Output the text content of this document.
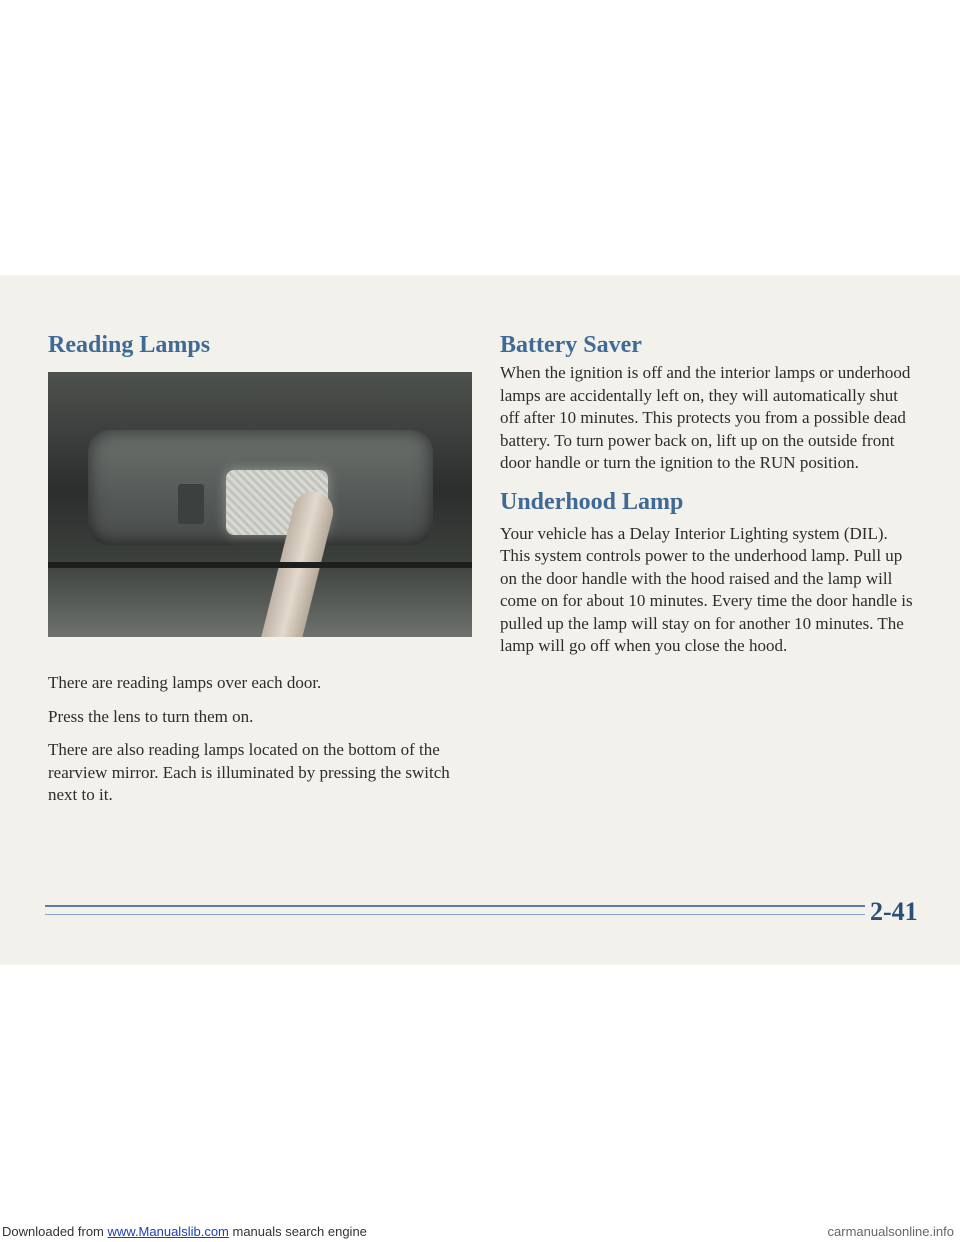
Reading Lamps

There are reading lamps over each door.

Press the lens to turn them on.

There are also reading lamps located on the bottom of the rearview mirror. Each is illuminated by pressing the switch next to it.

Battery Saver

When the ignition is off and the interior lamps or underhood lamps are accidentally left on, they will automatically shut off after 10 minutes. This protects you from a possible dead battery. To turn power back on, lift up on the outside front door handle or turn the ignition to the RUN position.

Underhood Lamp

Your vehicle has a Delay Interior Lighting system (DIL). This system controls power to the underhood lamp. Pull up on the door handle with the hood raised and the lamp will come on for about 10 minutes. Every time the door handle is pulled up the lamp will stay on for another 10 minutes. The lamp will go off when you close the hood.

2-41
Downloaded from www.Manualslib.com manuals search engine	carmanualsonline.info
